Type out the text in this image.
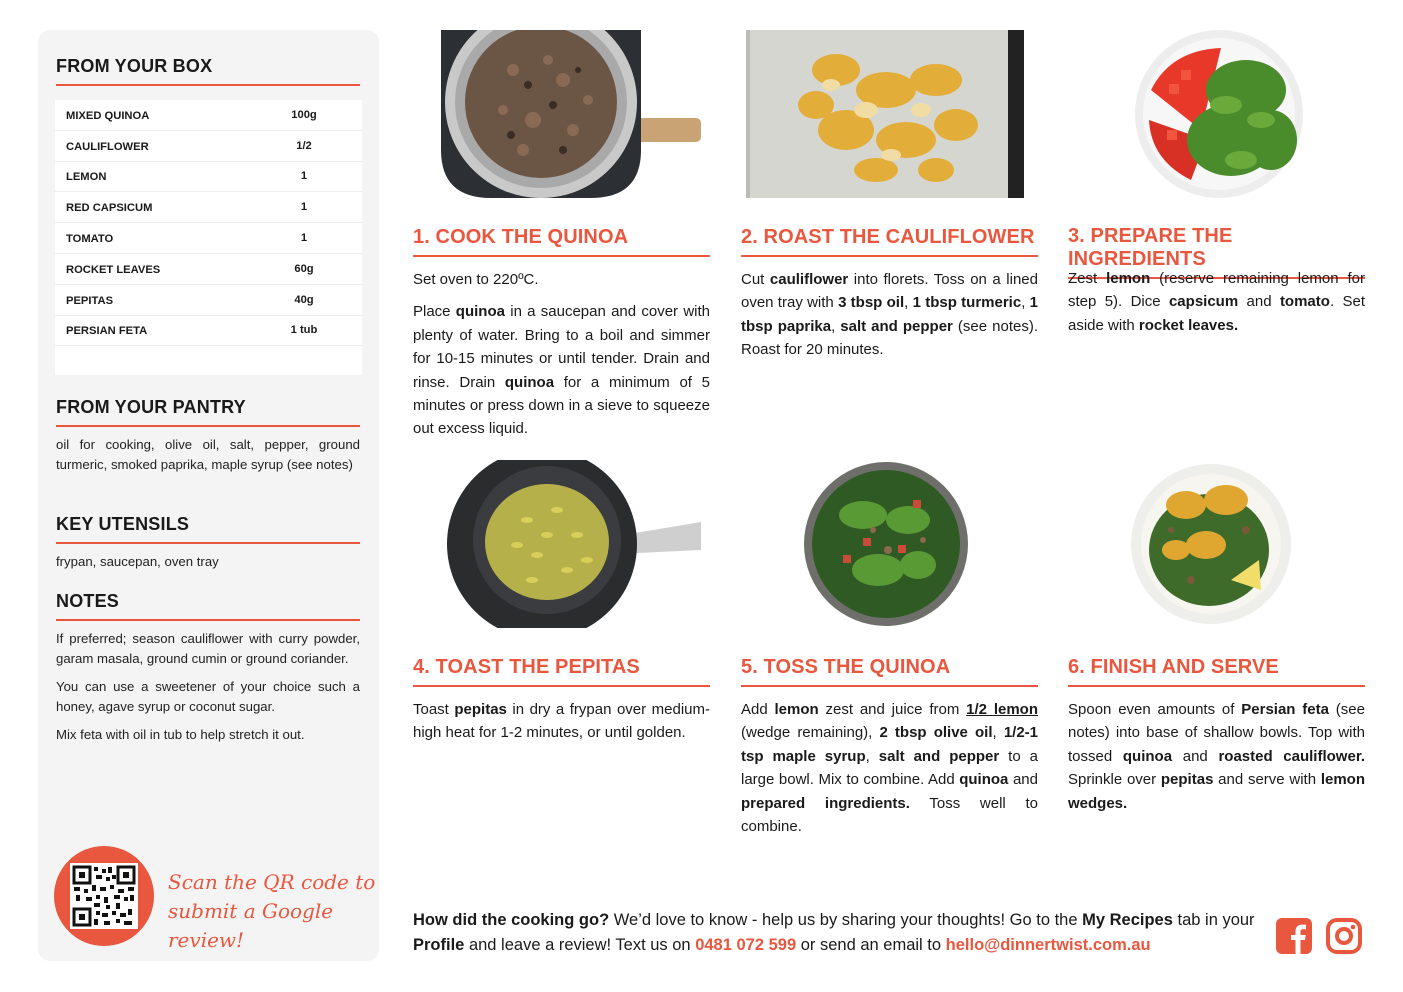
FROM YOUR BOX
MIXED QUINOA	100g
CAULIFLOWER	1/2
LEMON	1
RED CAPSICUM	1
TOMATO	1
ROCKET LEAVES	60g
PEPITAS	40g
PERSIAN FETA	1 tub
FROM YOUR PANTRY
oil for cooking, olive oil, salt, pepper, ground turmeric, smoked paprika, maple syrup (see notes)
KEY UTENSILS
frypan, saucepan, oven tray
NOTES
If preferred; season cauliflower with curry powder, garam masala, ground cumin or ground coriander.
You can use a sweetener of your choice such a honey, agave syrup or coconut sugar.
Mix feta with oil in tub to help stretch it out.
Scan the QR code to
submit a Google review!
1. COOK THE QUINOA	2. ROAST THE CAULIFLOWER 3. PREPARE THE INGREDIENTS
4. TOAST THE PEPITAS	5. TOSS THE QUINOA	6. FINISH AND SERVE

Set oven to 220ºC.

Place quinoa in a saucepan and cover with plenty of water. Bring to a boil and simmer for 10-15 minutes or until tender. Drain and rinse. Drain quinoa for a minimum of 5 minutes or press down in a sieve to squeeze out excess liquid.

Cut cauliflower into florets. Toss on a lined oven tray with 3 tbsp oil, 1 tbsp turmeric, 1 tbsp paprika, salt and pepper (see notes). Roast for 20 minutes.

Zest lemon (reserve remaining lemon for step 5). Dice capsicum and tomato. Set aside with rocket leaves.

Toast pepitas in dry a frypan over medium-high heat for 1-2 minutes, or until golden.

Add lemon zest and juice from 1/2 lemon (wedge remaining), 2 tbsp olive oil, 1/2-1 tsp maple syrup, salt and pepper to a large bowl. Mix to combine. Add quinoa and prepared ingredients. Toss well to combine.

Spoon even amounts of Persian feta (see notes) into base of shallow bowls. Top with tossed quinoa and roasted cauliflower. Sprinkle over pepitas and serve with lemon wedges.

How did the cooking go? We’d love to know - help us by sharing your thoughts! Go to the My Recipes tab in your Profile and leave a review! Text us on 0481 072 599 or send an email to hello@dinnertwist.com.au
